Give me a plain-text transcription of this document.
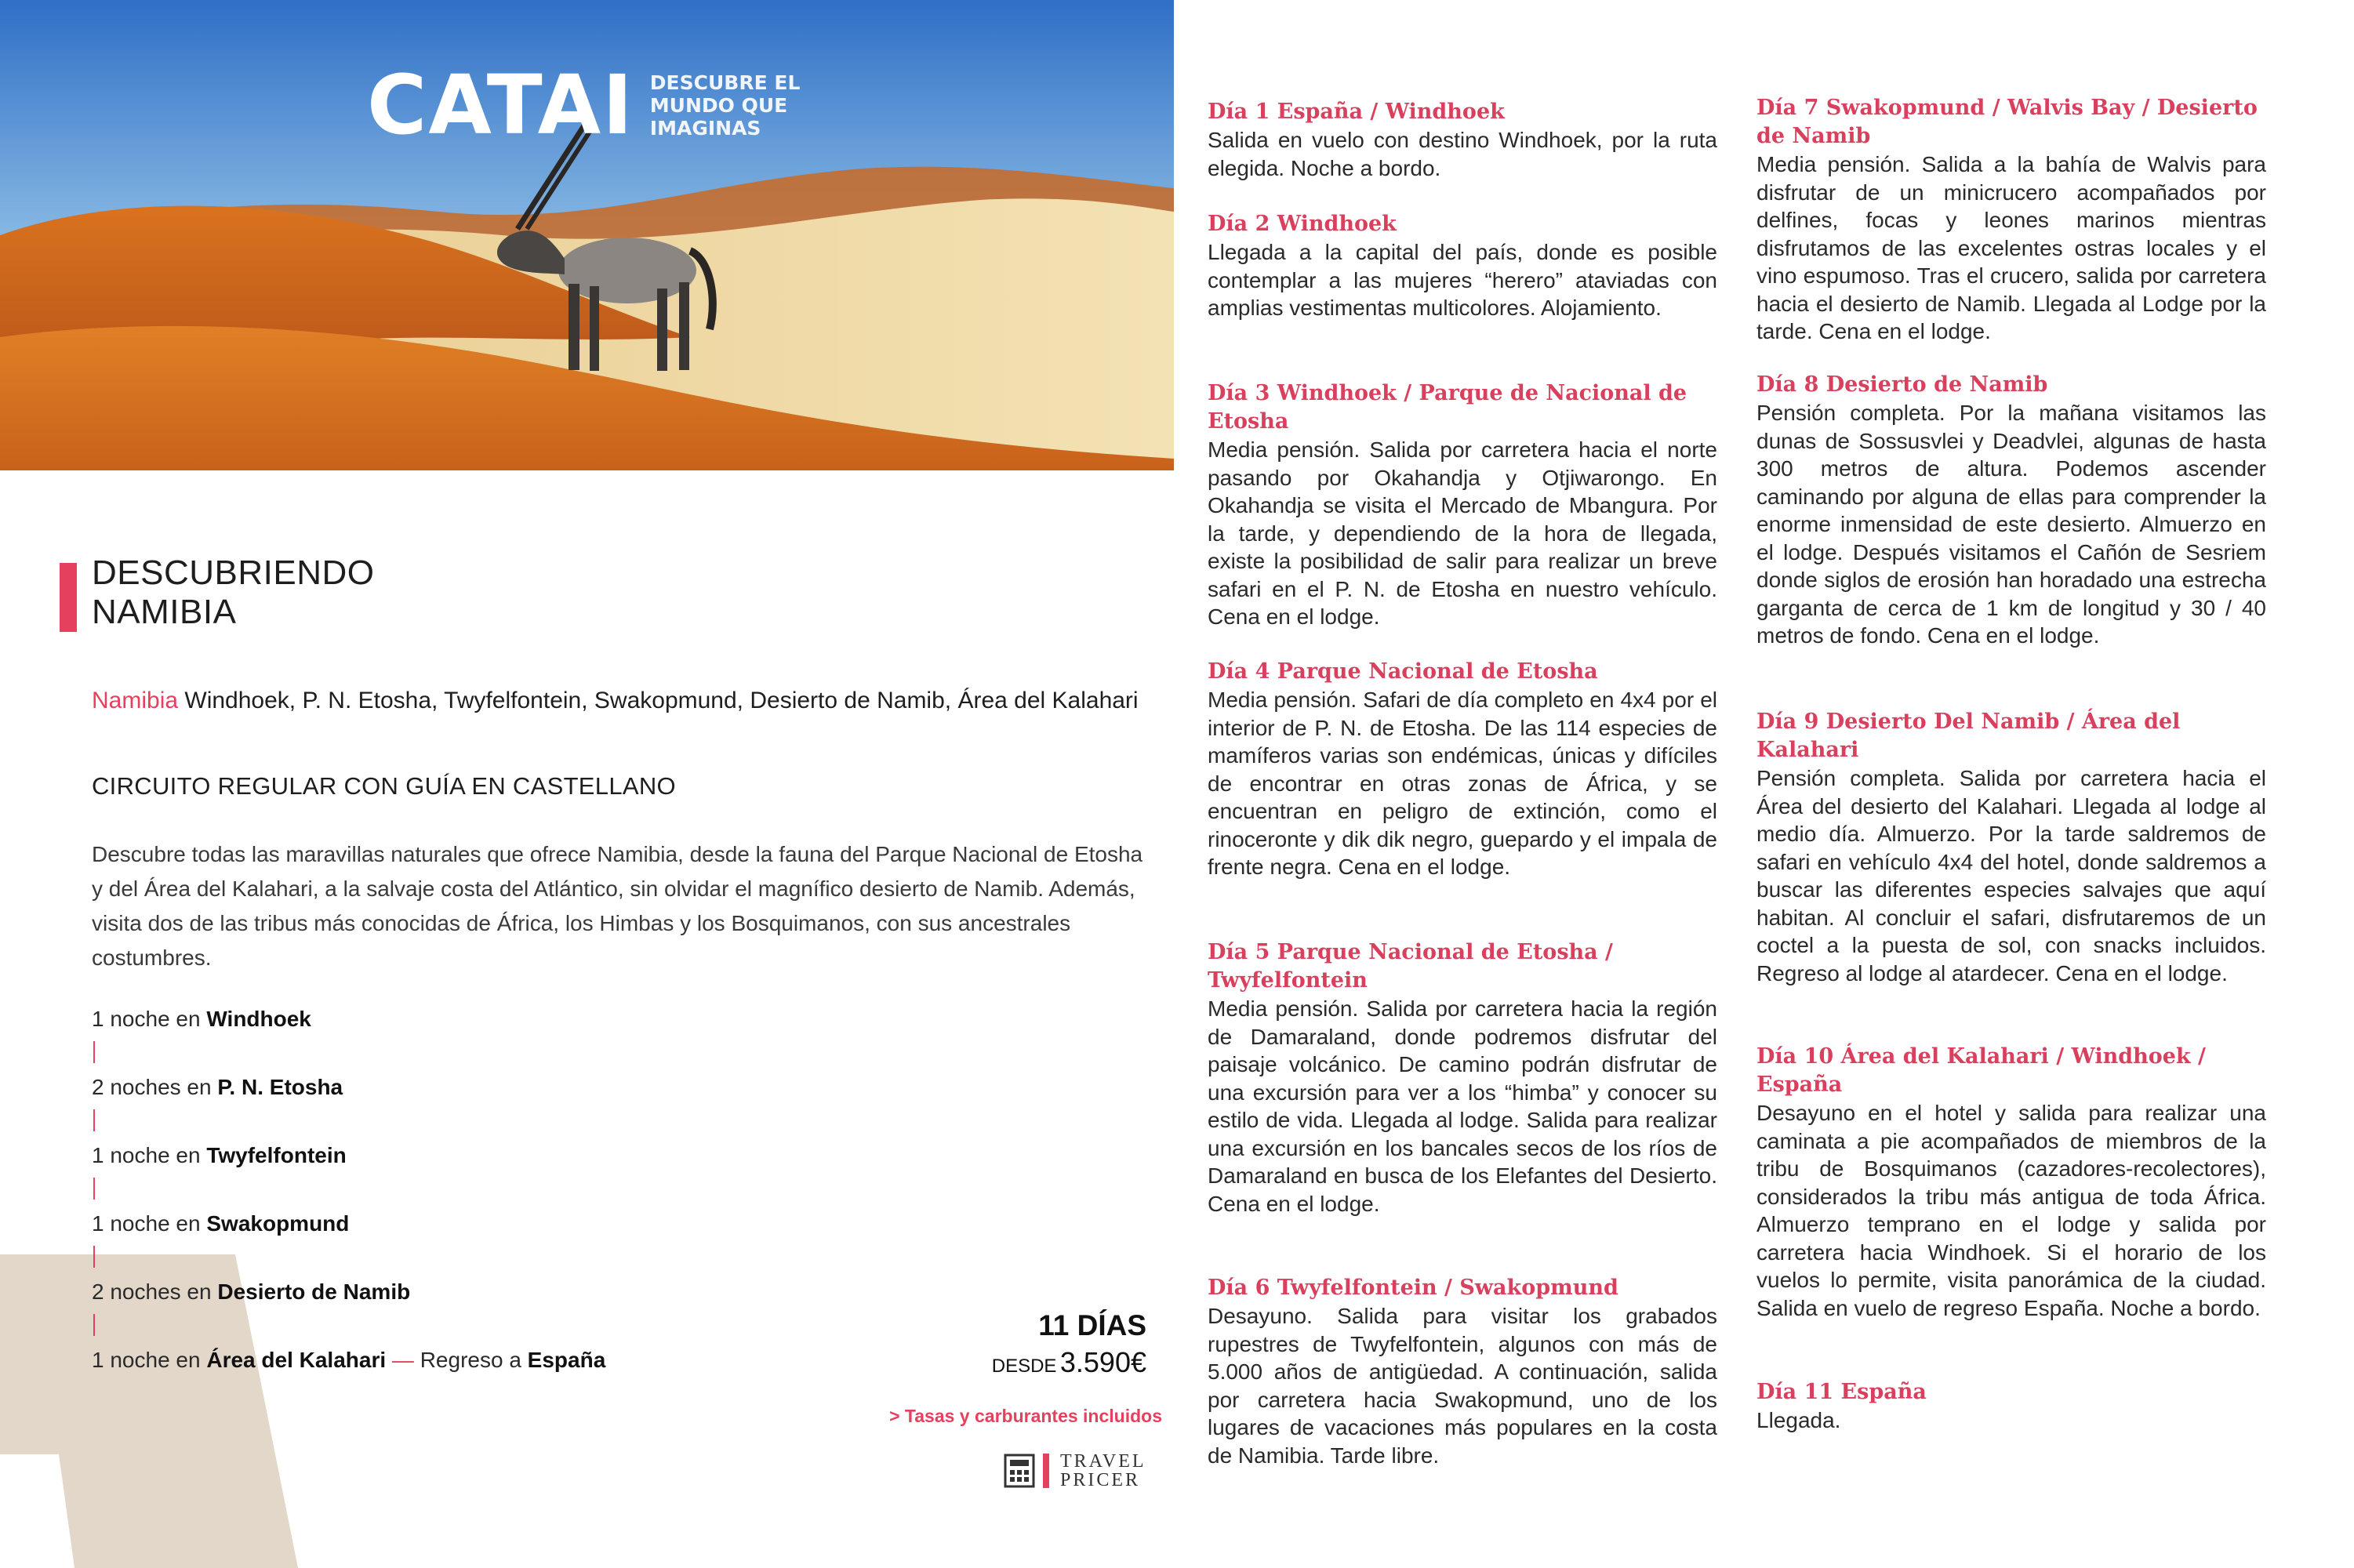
CATAI DESCUBRE EL
MUNDO QUE
IMAGINAS
DESCUBRIENDO
NAMIBIA
Namibia Windhoek, P. N. Etosha, Twyfelfontein, Swakopmund, Desierto de Namib, Área del Kalahari
CIRCUITO REGULAR CON GUÍA EN CASTELLANO
Descubre todas las maravillas naturales que ofrece Namibia, desde la fauna del Parque Nacional de Etosha y del Área del Kalahari, a la salvaje costa del Atlántico, sin olvidar el magnífico desierto de Namib. Además, visita dos de las tribus más conocidas de África, los Himbas y los Bosquimanos, con sus ancestrales costumbres.
1 noche en Windhoek
2 noches en P. N. Etosha
1 noche en Twyfelfontein
1 noche en Swakopmund
2 noches en Desierto de Namib
1 noche en Área del Kalahari — Regreso a España
11 DÍAS
DESDE 3.590€
> Tasas y carburantes incluidos
TRAVEL
PRICER
Día 1 España / Windhoek
Salida en vuelo con destino Windhoek, por la ruta elegida. Noche a bordo.
Día 2 Windhoek
Llegada a la capital del país, donde es posible contemplar a las mujeres “herero” ataviadas con amplias vestimentas multicolores. Alojamiento.
Día 3 Windhoek / Parque de Nacional de Etosha
Media pensión. Salida por carretera hacia el norte pasando por Okahandja y Otjiwarongo. En Okahandja se visita el Mercado de Mbangura. Por la tarde, y dependiendo de la hora de llegada, existe la posibilidad de salir para realizar un breve safari en el P. N. de Etosha en nuestro vehículo. Cena en el lodge.
Día 4 Parque Nacional de Etosha
Media pensión. Safari de día completo en 4x4 por el interior de P. N. de Etosha. De las 114 especies de mamíferos varias son endémicas, únicas y difíciles de encontrar en otras zonas de África, y se encuentran en peligro de extinción, como el rinoceronte y dik dik negro, guepardo y el impala de frente negra. Cena en el lodge.
Día 5 Parque Nacional de Etosha / Twyfelfontein
Media pensión. Salida por carretera hacia la región de Damaraland, donde podremos disfrutar del paisaje volcánico. De camino podrán disfrutar de una excursión para ver a los “himba” y conocer su estilo de vida. Llegada al lodge. Salida para realizar una excursión en los bancales secos de los ríos de Damaraland en busca de los Elefantes del Desierto. Cena en el lodge.
Día 6 Twyfelfontein / Swakopmund
Desayuno. Salida para visitar los grabados rupestres de Twyfelfontein, algunos con más de 5.000 años de antigüedad. A continuación, salida por carretera hacia Swakopmund, uno de los lugares de vacaciones más populares en la costa de Namibia. Tarde libre.
Día 7 Swakopmund / Walvis Bay / Desierto de Namib
Media pensión. Salida a la bahía de Walvis para disfrutar de un minicrucero acompañados por delfines, focas y leones marinos mientras disfrutamos de las excelentes ostras locales y el vino espumoso. Tras el crucero, salida por carretera hacia el desierto de Namib. Llegada al Lodge por la tarde. Cena en el lodge.
Día 8 Desierto de Namib
Pensión completa. Por la mañana visitamos las dunas de Sossusvlei y Deadvlei, algunas de hasta 300 metros de altura. Podemos ascender caminando por alguna de ellas para comprender la enorme inmensidad de este desierto. Almuerzo en el lodge. Después visitamos el Cañón de Sesriem donde siglos de erosión han horadado una estrecha garganta de cerca de 1 km de longitud y 30 / 40 metros de fondo. Cena en el lodge.
Día 9 Desierto Del Namib / Área del Kalahari
Pensión completa. Salida por carretera hacia el Área del desierto del Kalahari. Llegada al lodge al medio día. Almuerzo. Por la tarde saldremos de safari en vehículo 4x4 del hotel, donde saldremos a buscar las diferentes especies salvajes que aquí habitan. Al concluir el safari, disfrutaremos de un coctel a la puesta de sol, con snacks incluidos. Regreso al lodge al atardecer. Cena en el lodge.
Día 10 Área del Kalahari / Windhoek / España
Desayuno en el hotel y salida para realizar una caminata a pie acompañados de miembros de la tribu de Bosquimanos (cazadores-recolectores), considerados la tribu más antigua de toda África. Almuerzo temprano en el lodge y salida por carretera hacia Windhoek. Si el horario de los vuelos lo permite, visita panorámica de la ciudad. Salida en vuelo de regreso España. Noche a bordo.
Día 11 España
Llegada.
